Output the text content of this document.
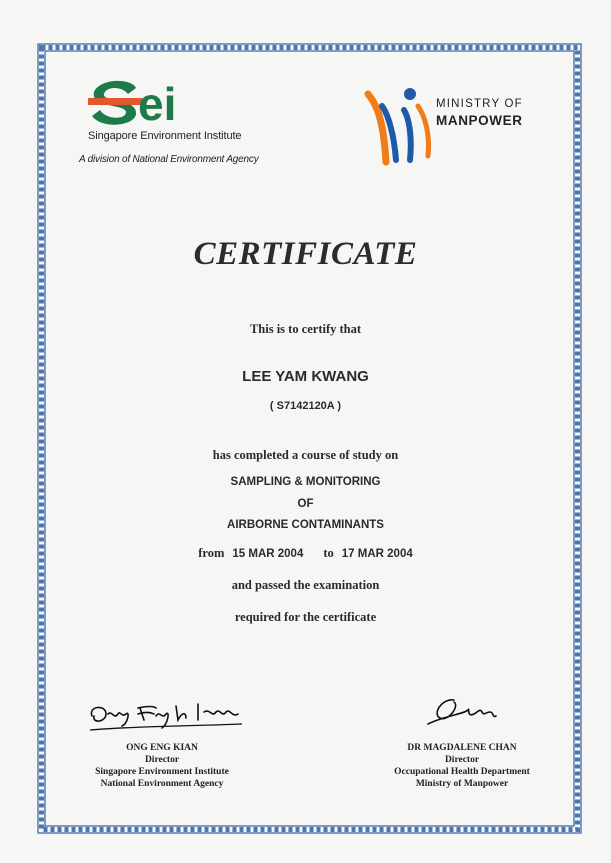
ei
Singapore Environment Institute
A division of National Environment Agency
MINISTRY OF
MANPOWER
CERTIFICATE
This is to certify that
LEE YAM KWANG
( S7142120A )
has completed a course of study on
SAMPLING & MONITORING
OF
AIRBORNE CONTAMINANTS
from 15 MAR 2004 to 17 MAR 2004
and passed the examination
required for the certificate
ONG ENG KIAN
Director
Singapore Environment Institute
National Environment Agency
DR MAGDALENE CHAN
Director
Occupational Health Department
Ministry of Manpower
